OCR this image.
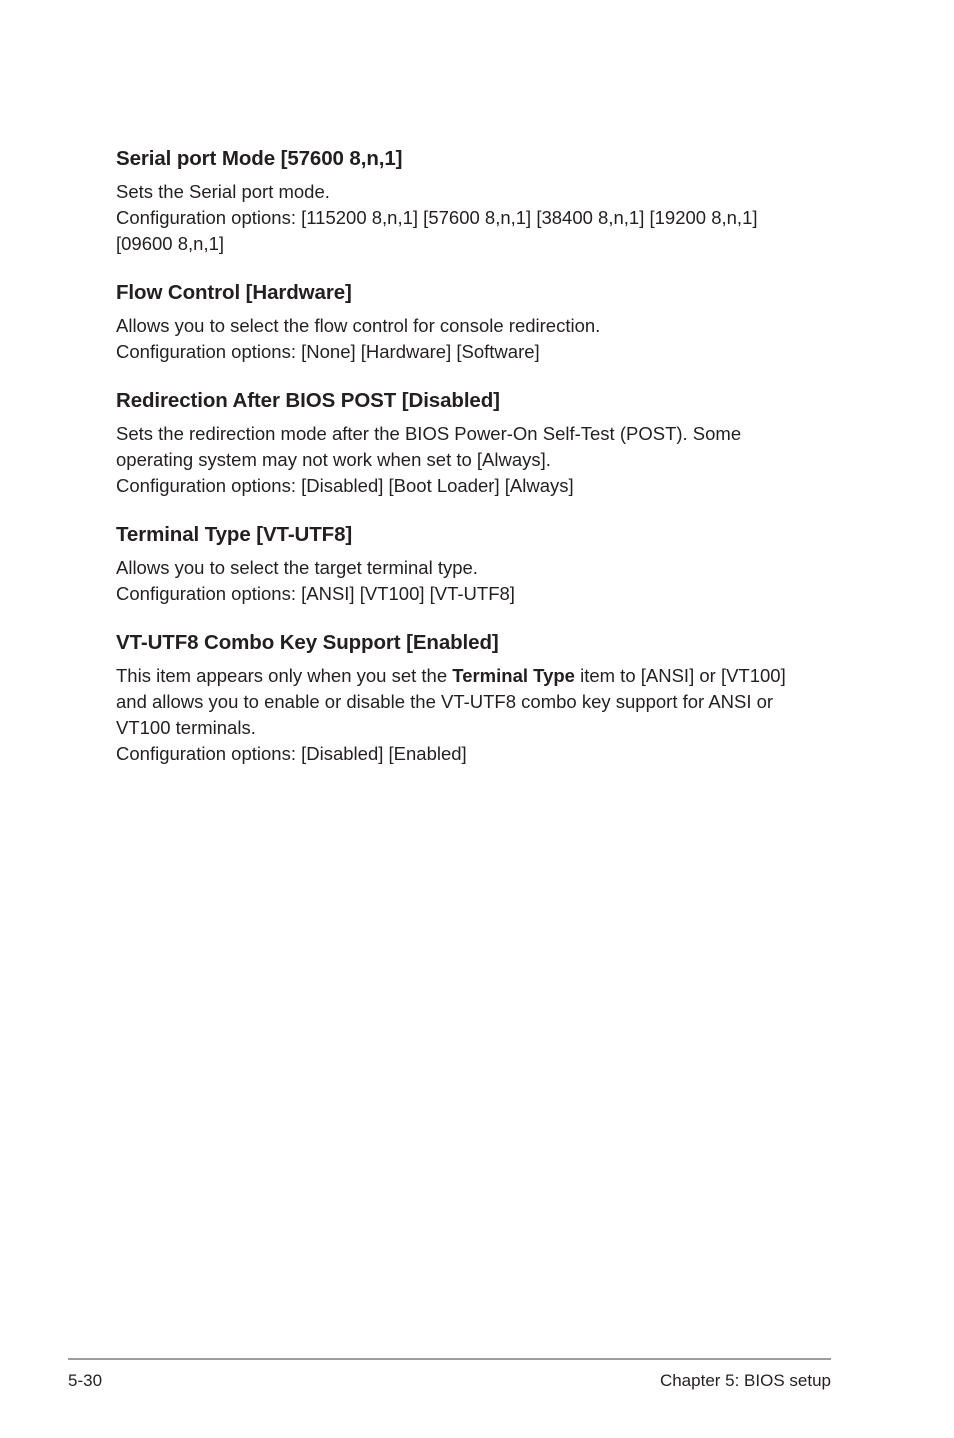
Serial port Mode [57600 8,n,1]
Sets the Serial port mode.
Configuration options: [115200 8,n,1] [57600 8,n,1] [38400 8,n,1] [19200 8,n,1]
[09600 8,n,1]
Flow Control [Hardware]
Allows you to select the flow control for console redirection.
Configuration options: [None] [Hardware] [Software]
Redirection After BIOS POST [Disabled]
Sets the redirection mode after the BIOS Power-On Self-Test (POST). Some
operating system may not work when set to [Always].
Configuration options: [Disabled] [Boot Loader] [Always]
Terminal Type [VT-UTF8]
Allows you to select the target terminal type.
Configuration options: [ANSI] [VT100] [VT-UTF8]
VT-UTF8 Combo Key Support [Enabled]
This item appears only when you set the Terminal Type item to [ANSI] or [VT100]
and allows you to enable or disable the VT-UTF8 combo key support for ANSI or
VT100 terminals.
Configuration options: [Disabled] [Enabled]
5-30	Chapter 5: BIOS setup
